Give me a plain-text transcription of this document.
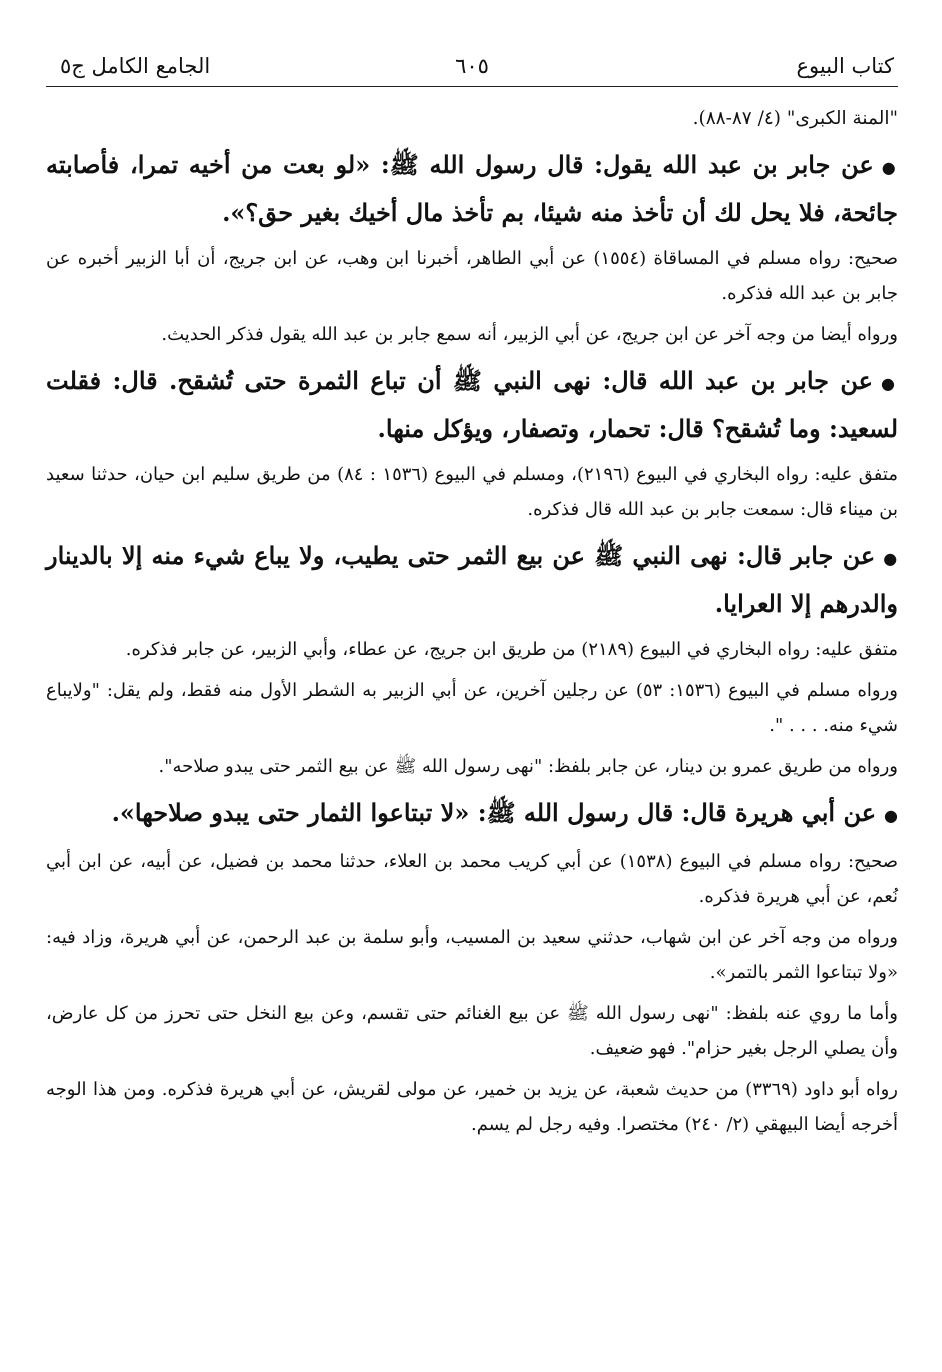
كتاب البيوع
٦٠٥
الجامع الكامل ج٥

"المنة الكبرى" (٤/ ٨٧-٨٨).

●عن جابر بن عبد الله يقول: قال رسول الله ﷺ: «لو بعت من أخيه تمرا، فأصابته جائحة، فلا يحل لك أن تأخذ منه شيئا، بم تأخذ مال أخيك بغير حق؟».

صحيح: رواه مسلم في المساقاة (١٥٥٤) عن أبي الطاهر، أخبرنا ابن وهب، عن ابن جريج، أن أبا الزبير أخبره عن جابر بن عبد الله فذكره.

ورواه أيضا من وجه آخر عن ابن جريج، عن أبي الزبير، أنه سمع جابر بن عبد الله يقول فذكر الحديث.

●عن جابر بن عبد الله قال: نهى النبي ﷺ أن تباع الثمرة حتى تُشقح. قال: فقلت لسعيد: وما تُشقح؟ قال: تحمار، وتصفار، ويؤكل منها.

متفق عليه: رواه البخاري في البيوع (٢١٩٦)، ومسلم في البيوع (١٥٣٦ : ٨٤) من طريق سليم ابن حيان، حدثنا سعيد بن ميناء قال: سمعت جابر بن عبد الله قال فذكره.

●عن جابر قال: نهى النبي ﷺ عن بيع الثمر حتى يطيب، ولا يباع شيء منه إلا بالدينار والدرهم إلا العرايا.

متفق عليه: رواه البخاري في البيوع (٢١٨٩) من طريق ابن جريج، عن عطاء، وأبي الزبير، عن جابر فذكره.

ورواه مسلم في البيوع (١٥٣٦: ٥٣) عن رجلين آخرين، عن أبي الزبير به الشطر الأول منه فقط، ولم يقل: "ولايباع شيء منه. . . . ".

ورواه من طريق عمرو بن دينار، عن جابر بلفظ: "نهى رسول الله ﷺ عن بيع الثمر حتى يبدو صلاحه".

●عن أبي هريرة قال: قال رسول الله ﷺ: «لا تبتاعوا الثمار حتى يبدو صلاحها».

صحيح: رواه مسلم في البيوع (١٥٣٨) عن أبي كريب محمد بن العلاء، حدثنا محمد بن فضيل، عن أبيه، عن ابن أبي نُعم، عن أبي هريرة فذكره.

ورواه من وجه آخر عن ابن شهاب، حدثني سعيد بن المسيب، وأبو سلمة بن عبد الرحمن، عن أبي هريرة، وزاد فيه: «ولا تبتاعوا الثمر بالتمر».

وأما ما روي عنه بلفظ: "نهى رسول الله ﷺ عن بيع الغنائم حتى تقسم، وعن بيع النخل حتى تحرز من كل عارض، وأن يصلي الرجل بغير حزام". فهو ضعيف.

رواه أبو داود (٣٣٦٩) من حديث شعبة، عن يزيد بن خمير، عن مولى لقريش، عن أبي هريرة فذكره. ومن هذا الوجه أخرجه أيضا البيهقي (٢/ ٢٤٠) مختصرا. وفيه رجل لم يسم.
